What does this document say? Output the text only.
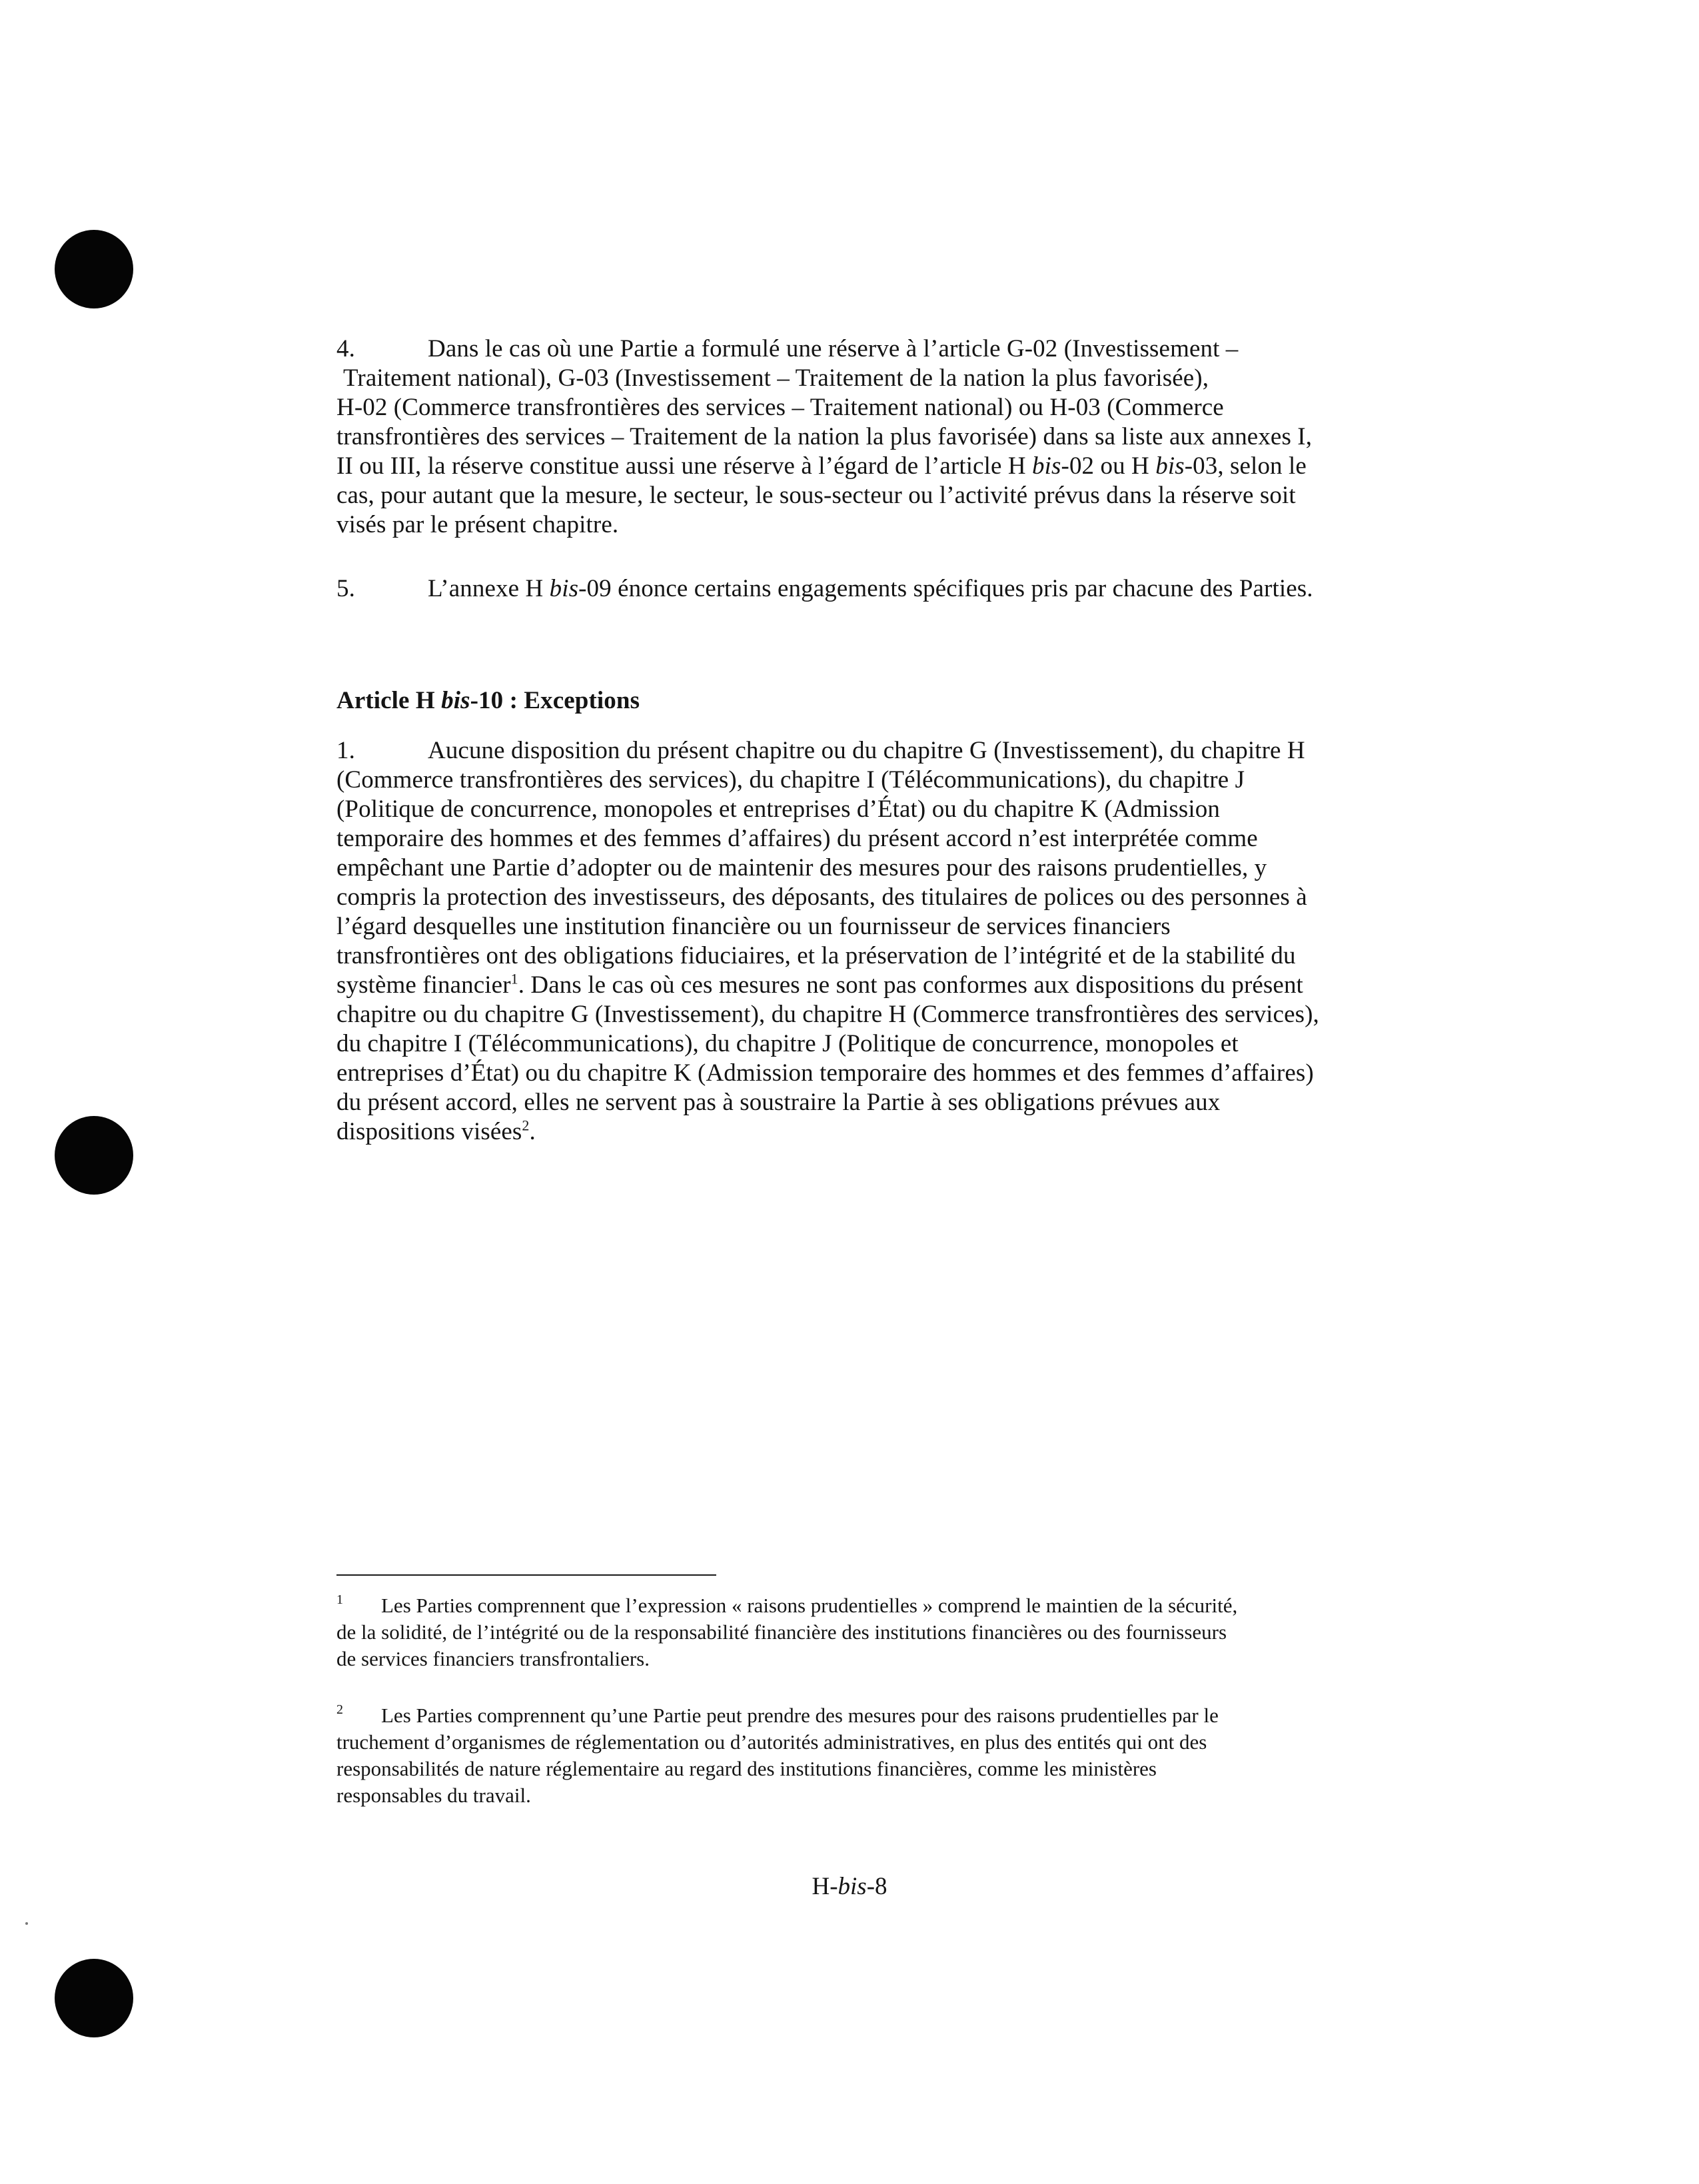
4.	Dans le cas où une Partie a formulé une réserve à l’article G-02 (Investissement –
Traitement national), G-03 (Investissement – Traitement de la nation la plus favorisée),
H-02 (Commerce transfrontières des services – Traitement national) ou H-03 (Commerce
transfrontières des services – Traitement de la nation la plus favorisée) dans sa liste aux annexes I,
II ou III, la réserve constitue aussi une réserve à l’égard de l’article H bis-02 ou H bis-03, selon le
cas, pour autant que la mesure, le secteur, le sous-secteur ou l’activité prévus dans la réserve soit
visés par le présent chapitre.
5.	L’annexe H bis-09 énonce certains engagements spécifiques pris par chacune des Parties.
Article H bis-10 : Exceptions
1.	Aucune disposition du présent chapitre ou du chapitre G (Investissement), du chapitre H
(Commerce transfrontières des services), du chapitre I (Télécommunications), du chapitre J
(Politique de concurrence, monopoles et entreprises d’État) ou du chapitre K (Admission
temporaire des hommes et des femmes d’affaires) du présent accord n’est interprétée comme
empêchant une Partie d’adopter ou de maintenir des mesures pour des raisons prudentielles, y
compris la protection des investisseurs, des déposants, des titulaires de polices ou des personnes à
l’égard desquelles une institution financière ou un fournisseur de services financiers
transfrontières ont des obligations fiduciaires, et la préservation de l’intégrité et de la stabilité du
système financier$^1$. Dans le cas où ces mesures ne sont pas conformes aux dispositions du présent
chapitre ou du chapitre G (Investissement), du chapitre H (Commerce transfrontières des services),
du chapitre I (Télécommunications), du chapitre J (Politique de concurrence, monopoles et
entreprises d’État) ou du chapitre K (Admission temporaire des hommes et des femmes d’affaires)
du présent accord, elles ne servent pas à soustraire la Partie à ses obligations prévues aux
dispositions visées$^2$.
1 Les Parties comprennent que l’expression « raisons prudentielles » comprend le maintien de la sécurité,
de la solidité, de l’intégrité ou de la responsabilité financière des institutions financières ou des fournisseurs
de services financiers transfrontaliers.
2 Les Parties comprennent qu’une Partie peut prendre des mesures pour des raisons prudentielles par le
truchement d’organismes de réglementation ou d’autorités administratives, en plus des entités qui ont des
responsabilités de nature réglementaire au regard des institutions financières, comme les ministères
responsables du travail.
H-bis-8
